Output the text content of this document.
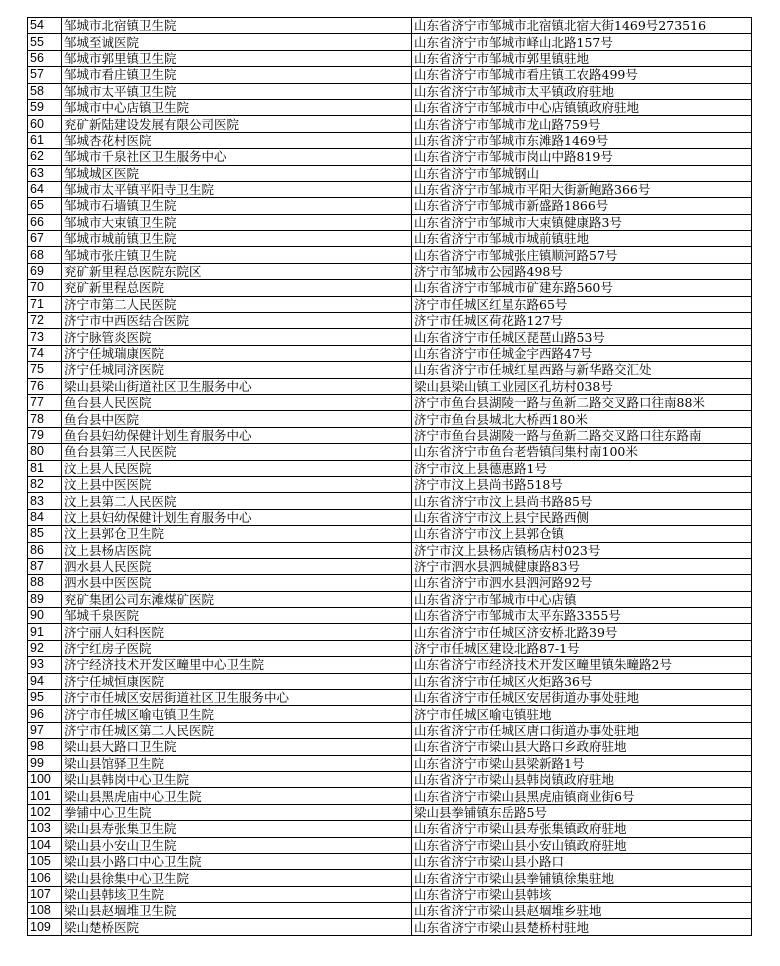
54	邹城市北宿镇卫生院	山东省济宁市邹城市北宿镇北宿大街1469号273516
55	邹城至诚医院	山东省济宁市邹城市峄山北路157号
56	邹城市郭里镇卫生院	山东省济宁市邹城市郭里镇驻地
57	邹城市看庄镇卫生院	山东省济宁市邹城市看庄镇工农路499号
58	邹城市太平镇卫生院	山东省济宁市邹城市太平镇政府驻地
59	邹城市中心店镇卫生院	山东省济宁市邹城市中心店镇镇政府驻地
60	兖矿新陆建设发展有限公司医院	山东省济宁市邹城市龙山路759号
61	邹城杏花村医院	山东省济宁市邹城市东滩路1469号
62	邹城市千泉社区卫生服务中心	山东省济宁市邹城市岗山中路819号
63	邹城城区医院	山东省济宁市邹城钢山
64	邹城市太平镇平阳寺卫生院	山东省济宁市邹城市平阳大街新鲍路366号
65	邹城市石墙镇卫生院	山东省济宁市邹城市新盛路1866号
66	邹城市大束镇卫生院	山东省济宁市邹城市大束镇健康路3号
67	邹城市城前镇卫生院	山东省济宁市邹城市城前镇驻地
68	邹城市张庄镇卫生院	山东省济宁市邹城张庄镇顺河路57号
69	兖矿新里程总医院东院区	济宁市邹城市公园路498号
70	兖矿新里程总医院	山东省济宁市邹城市矿建东路560号
71	济宁市第二人民医院	济宁市任城区红星东路65号
72	济宁市中西医结合医院	济宁市任城区荷花路127号
73	济宁脉管炎医院	山东省济宁市任城区琵琶山路53号
74	济宁任城瑞康医院	山东省济宁市任城金宇西路47号
75	济宁任城同济医院	山东省济宁市任城红星西路与新华路交汇处
76	梁山县梁山街道社区卫生服务中心	梁山县梁山镇工业园区孔坊村038号
77	鱼台县人民医院	济宁市鱼台县湖陵一路与鱼新二路交叉路口往南88米
78	鱼台县中医院	济宁市鱼台县城北大桥西180米
79	鱼台县妇幼保健计划生育服务中心	济宁市鱼台县湖陵一路与鱼新二路交叉路口往东路南
80	鱼台县第三人民医院	山东省济宁市鱼台老砦镇闫集村南100米
81	汶上县人民医院	济宁市汶上县德惠路1号
82	汶上县中医医院	济宁市汶上县尚书路518号
83	汶上县第二人民医院	山东省济宁市汶上县尚书路85号
84	汶上县妇幼保健计划生育服务中心	山东省济宁市汶上县宁民路西侧
85	汶上县郭仓卫生院	山东省济宁市汶上县郭仓镇
86	汶上县杨店医院	济宁市汶上县杨店镇杨店村023号
87	泗水县人民医院	济宁市泗水县泗城健康路83号
88	泗水县中医医院	山东省济宁市泗水县泗河路92号
89	兖矿集团公司东滩煤矿医院	山东省济宁市邹城市中心店镇
90	邹城千泉医院	山东省济宁市邹城市太平东路3355号
91	济宁丽人妇科医院	山东省济宁市任城区济安桥北路39号
92	济宁红房子医院	济宁市任城区建设北路87-1号
93	济宁经济技术开发区疃里中心卫生院	山东省济宁市经济技术开发区疃里镇朱疃路2号
94	济宁任城恒康医院	山东省济宁市任城区火炬路36号
95	济宁市任城区安居街道社区卫生服务中心	山东省济宁市任城区安居街道办事处驻地
96	济宁市任城区喻屯镇卫生院	济宁市任城区喻屯镇驻地
97	济宁市任城区第二人民医院	山东省济宁市任城区唐口街道办事处驻地
98	梁山县大路口卫生院	山东省济宁市梁山县大路口乡政府驻地
99	梁山县馆驿卫生院	山东省济宁市梁山县梁新路1号
100	梁山县韩岗中心卫生院	山东省济宁市梁山县韩岗镇政府驻地
101	梁山县黑虎庙中心卫生院	山东省济宁市梁山县黑虎庙镇商业街6号
102	拳铺中心卫生院	梁山县拳铺镇东岳路5号
103	梁山县寿张集卫生院	山东省济宁市梁山县寿张集镇政府驻地
104	梁山县小安山卫生院	山东省济宁市梁山县小安山镇政府驻地
105	梁山县小路口中心卫生院	山东省济宁市梁山县小路口
106	梁山县徐集中心卫生院	山东省济宁市梁山县拳铺镇徐集驻地
107	梁山县韩垓卫生院	山东省济宁市梁山县韩垓
108	梁山县赵堌堆卫生院	山东省济宁市梁山县赵堌堆乡驻地
109	梁山楚桥医院	山东省济宁市梁山县楚桥村驻地
